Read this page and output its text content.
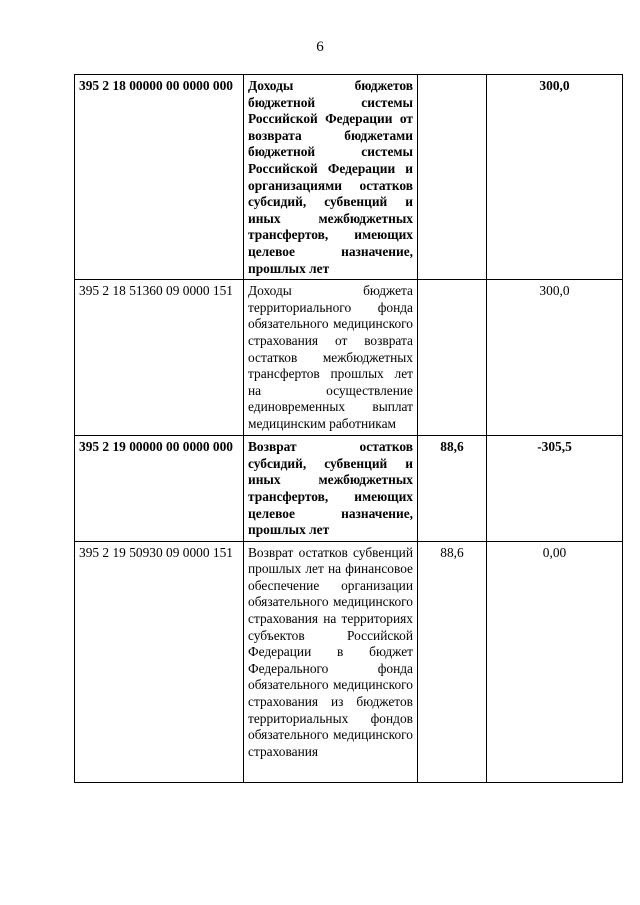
6
395 2 18 00000 00 0000 000	Доходы бюджетов бюджетной системы Российской Федерации от возврата бюджетами бюджетной системы Российской Федерации и организациями остатков субсидий, субвенций и иных межбюджетных трансфертов, имеющих целевое назначение, прошлых лет		300,0
395 2 18 51360 09 0000 151	Доходы бюджета территориального фонда обязательного медицинского страхования от возврата остатков межбюджетных трансфертов прошлых лет на осуществление единовременных выплат медицинским работникам		300,0
395 2 19 00000 00 0000 000	Возврат остатков субсидий, субвенций и иных межбюджетных трансфертов, имеющих целевое назначение, прошлых лет	88,6	-305,5
395 2 19 50930 09 0000 151	Возврат остатков субвенций прошлых лет на финансовое обеспечение организации обязательного медицинского страхования на территориях субъектов Российской Федерации в бюджет Федерального фонда обязательного медицинского страхования из бюджетов территориальных фондов обязательного медицинского страхования	88,6	0,00
